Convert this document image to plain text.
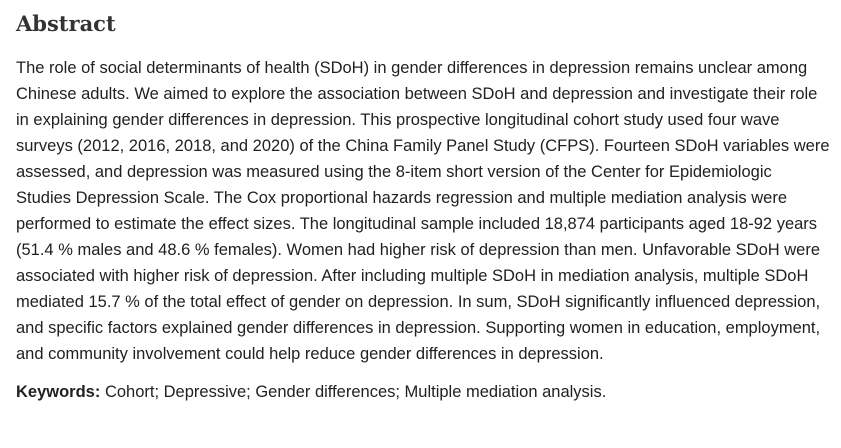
Abstract

The role of social determinants of health (SDoH) in gender differences in depression remains unclear among Chinese adults. We aimed to explore the association between SDoH and depression and investigate their role in explaining gender differences in depression. This prospective longitudinal cohort study used four wave surveys (2012, 2016, 2018, and 2020) of the China Family Panel Study (CFPS). Fourteen SDoH variables were assessed, and depression was measured using the 8-item short version of the Center for Epidemiologic Studies Depression Scale. The Cox proportional hazards regression and multiple mediation analysis were performed to estimate the effect sizes. The longitudinal sample included 18,874 participants aged 18-92 years (51.4 % males and 48.6 % females). Women had higher risk of depression than men. Unfavorable SDoH were associated with higher risk of depression. After including multiple SDoH in mediation analysis, multiple SDoH mediated 15.7 % of the total effect of gender on depression. In sum, SDoH significantly influenced depression, and specific factors explained gender differences in depression. Supporting women in education, employment, and community involvement could help reduce gender differences in depression.

Keywords: Cohort; Depressive; Gender differences; Multiple mediation analysis.
